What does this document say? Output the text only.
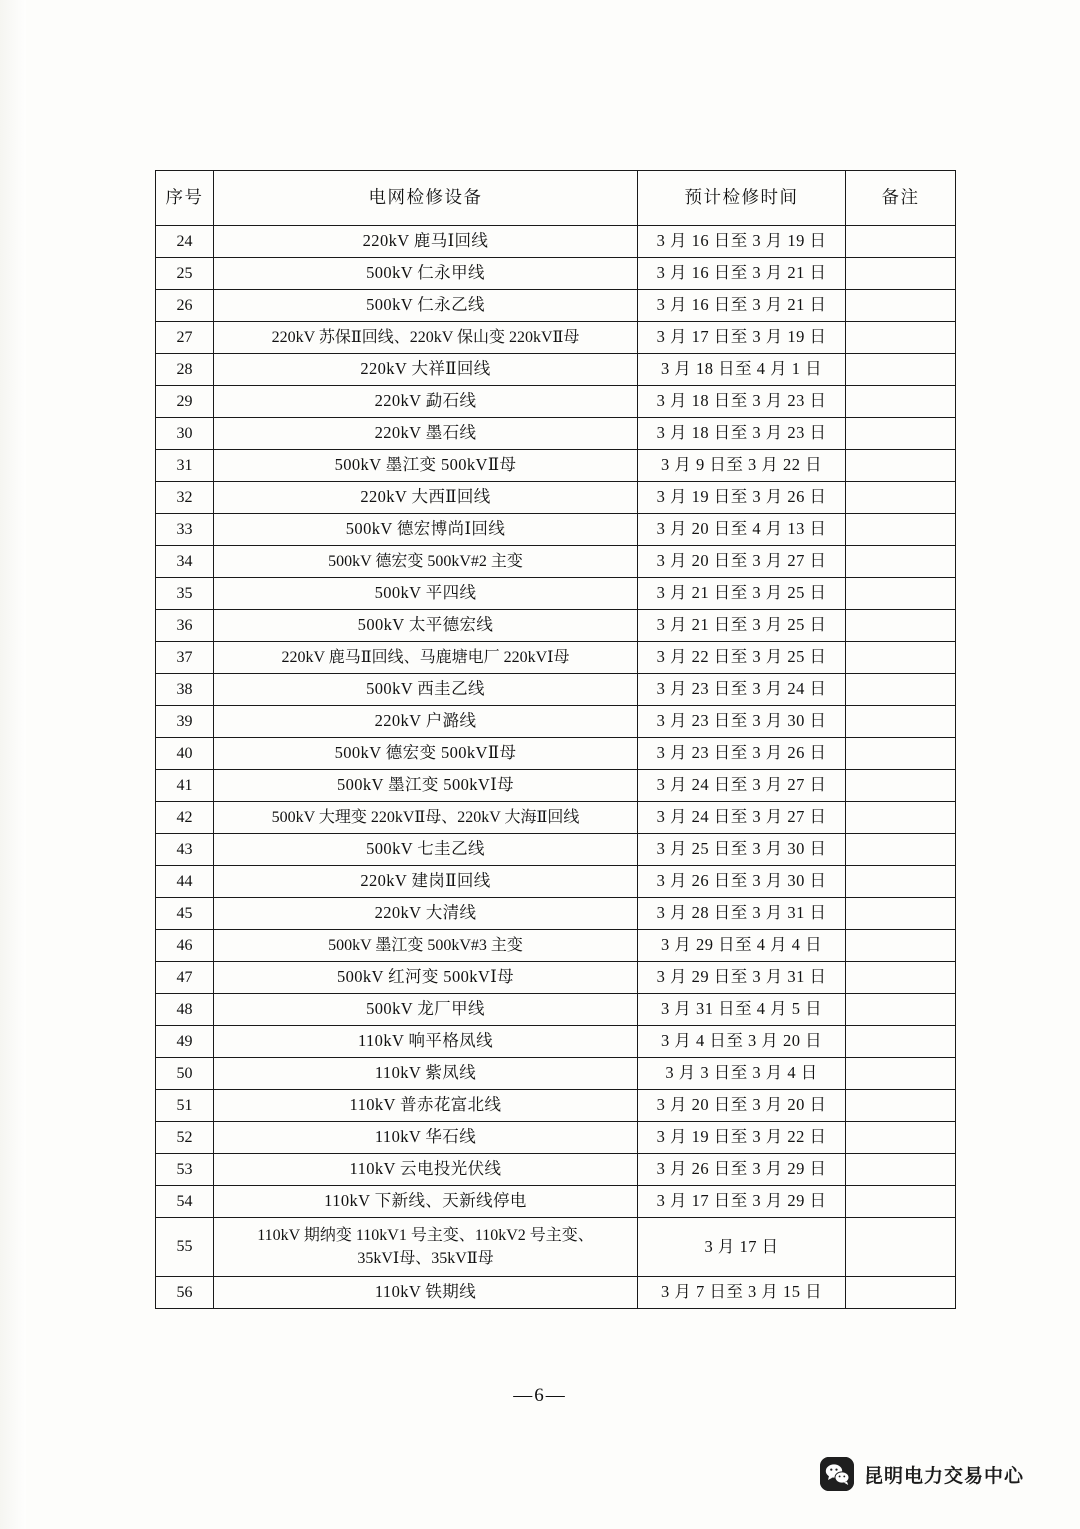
序号	电网检修设备	预计检修时间	备注
24	220kV 鹿马Ⅰ回线	3 月 16 日至 3 月 19 日	
25	500kV 仁永甲线	3 月 16 日至 3 月 21 日	
26	500kV 仁永乙线	3 月 16 日至 3 月 21 日	
27	220kV 苏保Ⅱ回线、220kV 保山变 220kVⅡ母	3 月 17 日至 3 月 19 日	
28	220kV 大祥Ⅱ回线	3 月 18 日至 4 月 1 日	
29	220kV 勐石线	3 月 18 日至 3 月 23 日	
30	220kV 墨石线	3 月 18 日至 3 月 23 日	
31	500kV 墨江变 500kVⅡ母	3 月 9 日至 3 月 22 日	
32	220kV 大西Ⅱ回线	3 月 19 日至 3 月 26 日	
33	500kV 德宏博尚Ⅰ回线	3 月 20 日至 4 月 13 日	
34	500kV 德宏变 500kV#2 主变	3 月 20 日至 3 月 27 日	
35	500kV 平四线	3 月 21 日至 3 月 25 日	
36	500kV 太平德宏线	3 月 21 日至 3 月 25 日	
37	220kV 鹿马Ⅱ回线、马鹿塘电厂 220kVⅠ母	3 月 22 日至 3 月 25 日	
38	500kV 西圭乙线	3 月 23 日至 3 月 24 日	
39	220kV 户潞线	3 月 23 日至 3 月 30 日	
40	500kV 德宏变 500kVⅡ母	3 月 23 日至 3 月 26 日	
41	500kV 墨江变 500kVⅠ母	3 月 24 日至 3 月 27 日	
42	500kV 大理变 220kVⅡ母、220kV 大海Ⅱ回线	3 月 24 日至 3 月 27 日	
43	500kV 七圭乙线	3 月 25 日至 3 月 30 日	
44	220kV 建岗Ⅱ回线	3 月 26 日至 3 月 30 日	
45	220kV 大清线	3 月 28 日至 3 月 31 日	
46	500kV 墨江变 500kV#3 主变	3 月 29 日至 4 月 4 日	
47	500kV 红河变 500kVⅠ母	3 月 29 日至 3 月 31 日	
48	500kV 龙厂甲线	3 月 31 日至 4 月 5 日	
49	110kV 响平格凤线	3 月 4 日至 3 月 20 日	
50	110kV 紫凤线	3 月 3 日至 3 月 4 日	
51	110kV 普赤花富北线	3 月 20 日至 3 月 20 日	
52	110kV 华石线	3 月 19 日至 3 月 22 日	
53	110kV 云电投光伏线	3 月 26 日至 3 月 29 日	
54	110kV 下新线、天新线停电	3 月 17 日至 3 月 29 日	
55	110kV 期纳变 110kV1 号主变、110kV2 号主变、
35kVⅠ母、35kVⅡ母	3 月 17 日	
56	110kV 铁期线	3 月 7 日至 3 月 15 日	
—6—
昆明电力交易中心
